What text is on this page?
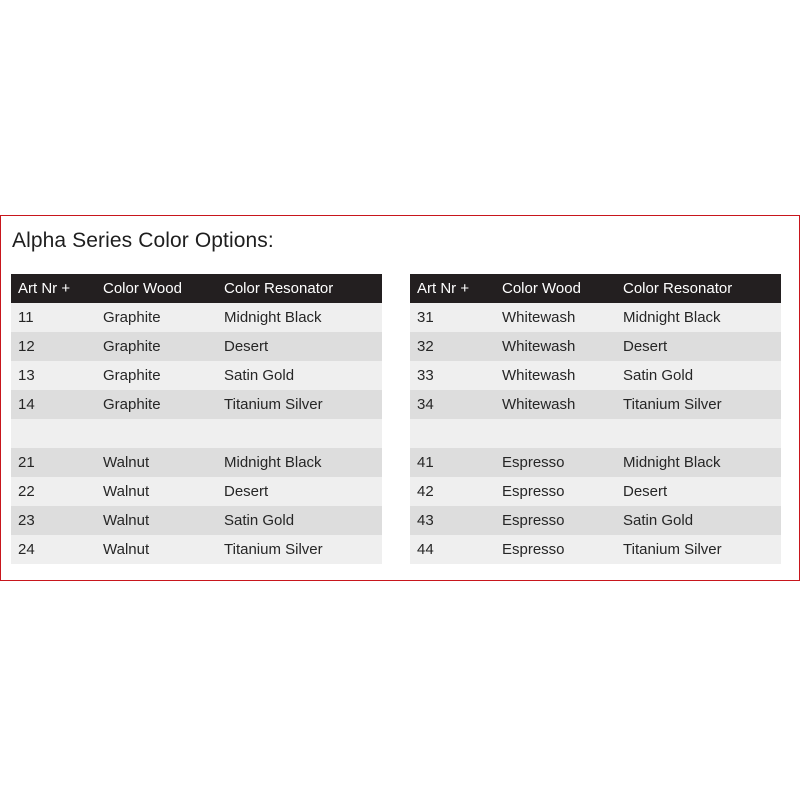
Alpha Series Color Options:
Art Nr +	Color Wood	Color Resonator
11	Graphite	Midnight Black
12	Graphite	Desert
13	Graphite	Satin Gold
14	Graphite	Titanium Silver

21	Walnut	Midnight Black
22	Walnut	Desert
23	Walnut	Satin Gold
24	Walnut	Titanium Silver
Art Nr +	Color Wood	Color Resonator
31	Whitewash	Midnight Black
32	Whitewash	Desert
33	Whitewash	Satin Gold
34	Whitewash	Titanium Silver

41	Espresso	Midnight Black
42	Espresso	Desert
43	Espresso	Satin Gold
44	Espresso	Titanium Silver
